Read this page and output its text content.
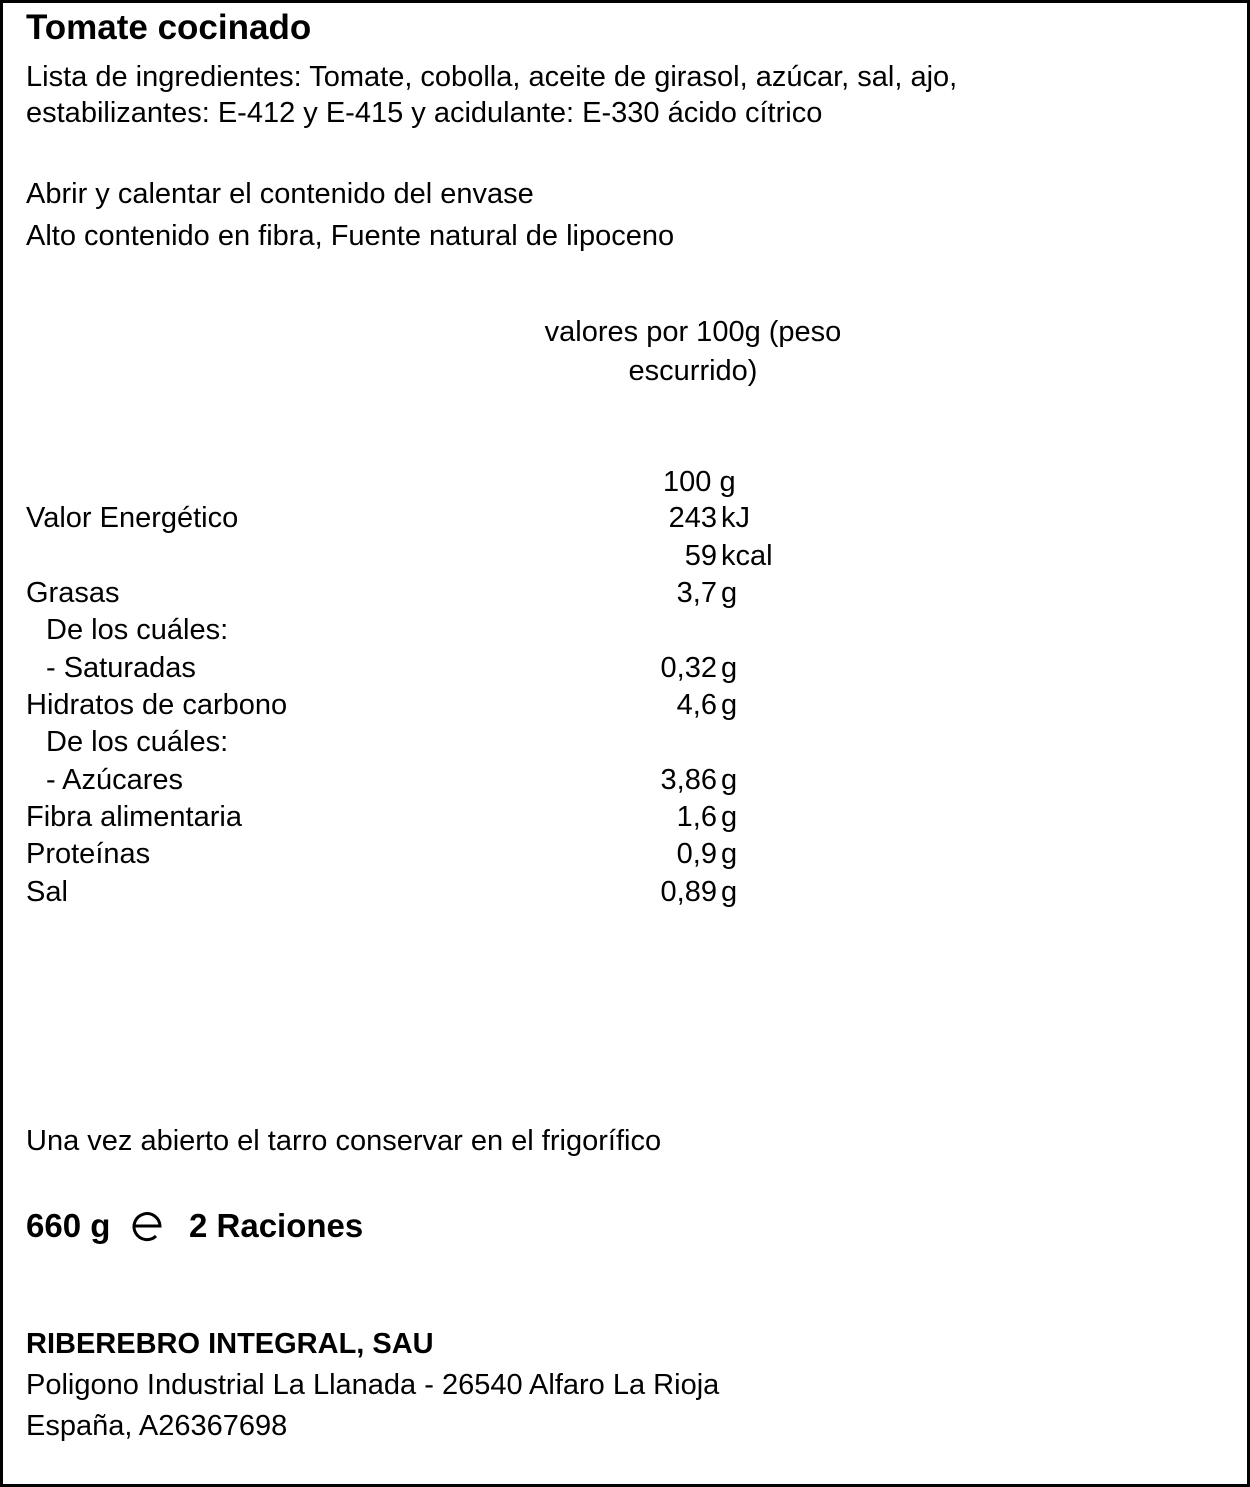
Tomate cocinado
Lista de ingredientes: Tomate, cobolla, aceite de girasol, azúcar, sal, ajo,
estabilizantes: E-412 y E-415 y acidulante: E-330 ácido cítrico
Abrir y calentar el contenido del envase
Alto contenido en fibra, Fuente natural de lipoceno
valores por 100g (peso
escurrido)
100 g
Valor Energético	243 kJ
59 kcal
Grasas	3,7 g
De los cuáles:
- Saturadas	0,32 g
Hidratos de carbono	4,6 g
De los cuáles:
- Azúcares	3,86 g
Fibra alimentaria	1,6 g
Proteínas	0,9 g
Sal	0,89 g
Una vez abierto el tarro conservar en el frigorífico
660 g 2 Raciones
RIBEREBRO INTEGRAL, SAU
Poligono Industrial La Llanada - 26540 Alfaro La Rioja
España, A26367698
